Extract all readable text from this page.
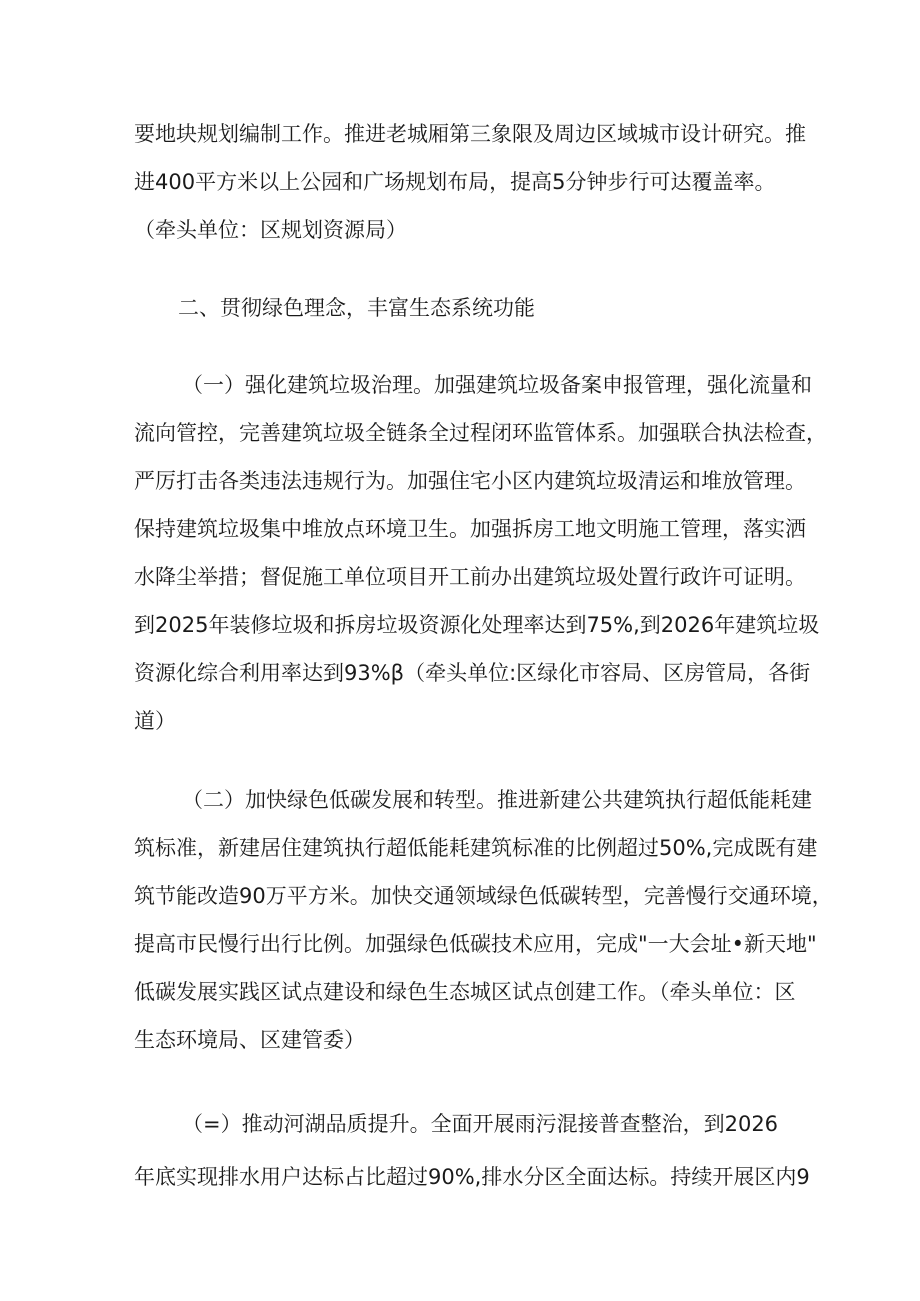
要地块规划编制工作。推进老城厢第三象限及周边区域城市设计研究。推
进400平方米以上公园和广场规划布局，提高5分钟步行可达覆盖率。
（牵头单位：区规划资源局）
二、贯彻绿色理念，丰富生态系统功能
（一）强化建筑垃圾治理。加强建筑垃圾备案申报管理，强化流量和
流向管控，完善建筑垃圾全链条全过程闭环监管体系。加强联合执法检查，
严厉打击各类违法违规行为。加强住宅小区内建筑垃圾清运和堆放管理。
保持建筑垃圾集中堆放点环境卫生。加强拆房工地文明施工管理，落实洒
水降尘举措；督促施工单位项目开工前办出建筑垃圾处置行政许可证明。
到2025年装修垃圾和拆房垃圾资源化处理率达到75%,到2026年建筑垃圾
资源化综合利用率达到93%β（牵头单位:区绿化市容局、区房管局，各街
道）
（二）加快绿色低碳发展和转型。推进新建公共建筑执行超低能耗建
筑标准，新建居住建筑执行超低能耗建筑标准的比例超过50%,完成既有建
筑节能改造90万平方米。加快交通领域绿色低碳转型，完善慢行交通环境，
提高市民慢行出行比例。加强绿色低碳技术应用，完成"一大会址•新天地"
低碳发展实践区试点建设和绿色生态城区试点创建工作。（牵头单位：区
生态环境局、区建管委）
（=）推动河湖品质提升。全面开展雨污混接普查整治，到2026
年底实现排水用户达标占比超过90%,排水分区全面达标。持续开展区内9
